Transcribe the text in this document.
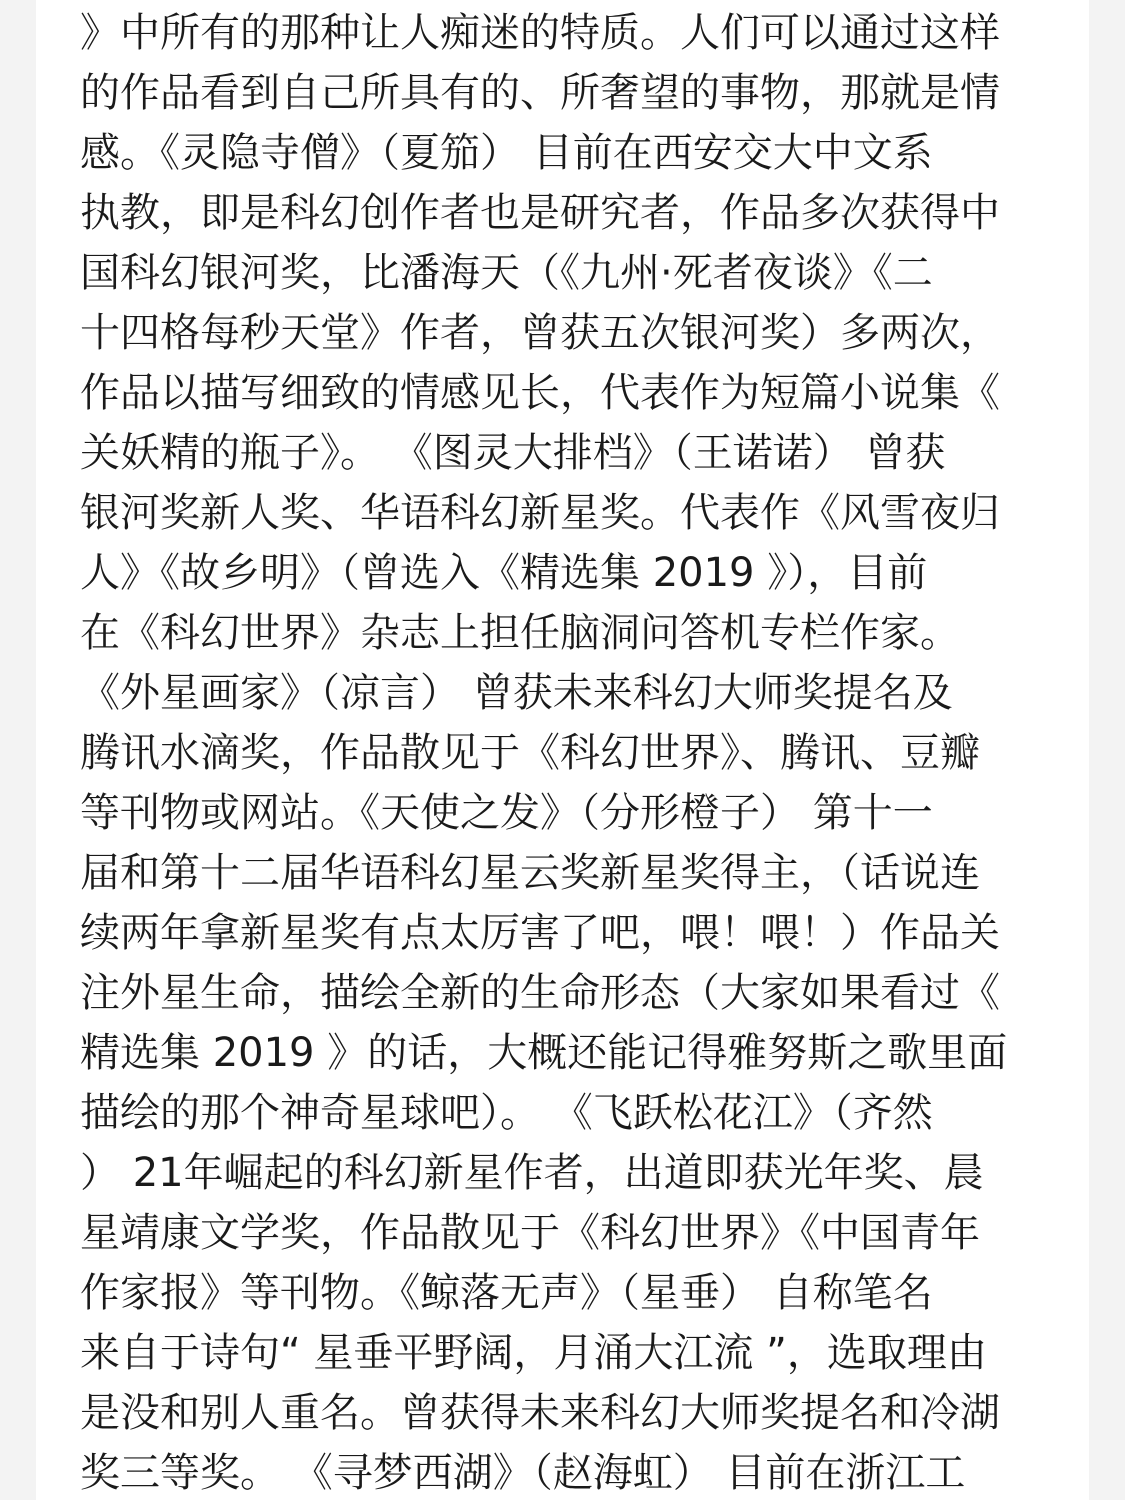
》中所有的那种让人痴迷的特质。人们可以通过这样
的作品看到自己所具有的、所奢望的事物，那就是情
感。《灵隐寺僧》（夏笳） 目前在西安交大中文系
执教，即是科幻创作者也是研究者，作品多次获得中
国科幻银河奖，比潘海天（《九州·死者夜谈》《二
十四格每秒天堂》作者，曾获五次银河奖）多两次，
作品以描写细致的情感见长，代表作为短篇小说集《
关妖精的瓶子》。 《图灵大排档》（王诺诺） 曾获
银河奖新人奖、华语科幻新星奖。代表作《风雪夜归
人》《故乡明》（曾选入《精选集 2019 》），目前
在《科幻世界》杂志上担任脑洞问答机专栏作家。
《外星画家》（凉言） 曾获未来科幻大师奖提名及
腾讯水滴奖，作品散见于《科幻世界》、腾讯、豆瓣
等刊物或网站。《天使之发》（分形橙子） 第十一
届和第十二届华语科幻星云奖新星奖得主，（话说连
续两年拿新星奖有点太厉害了吧，喂！喂！）作品关
注外星生命，描绘全新的生命形态（大家如果看过《
精选集 2019 》的话，大概还能记得雅努斯之歌里面
描绘的那个神奇星球吧）。 《飞跃松花江》（齐然
） 21年崛起的科幻新星作者，出道即获光年奖、晨
星靖康文学奖，作品散见于《科幻世界》《中国青年
作家报》等刊物。《鲸落无声》（星垂） 自称笔名
来自于诗句“ 星垂平野阔，月涌大江流 ”，选取理由
是没和别人重名。曾获得未来科幻大师奖提名和冷湖
奖三等奖。 《寻梦西湖》（赵海虹） 目前在浙江工
